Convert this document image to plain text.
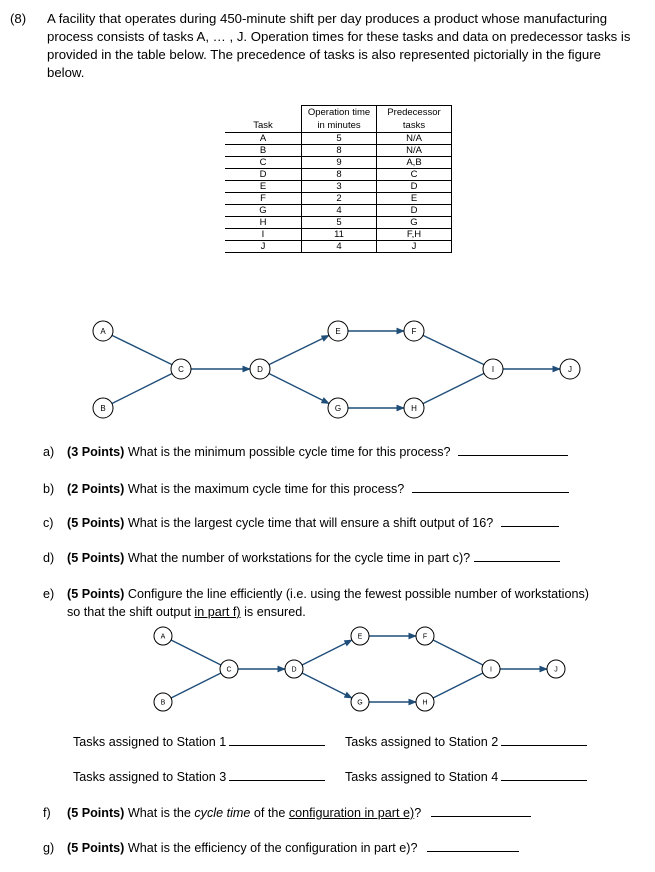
(8) A facility that operates during 450-minute shift per day produces a product whose manufacturing
process consists of tasks A, … , J. Operation times for these tasks and data on predecessor tasks is
provided in the table below. The precedence of tasks is also represented pictorially in the figure
below.
	Operation time	Predecessor
Task	in minutes	tasks
A	5	N/A
B	8	N/A
C	9	A,B
D	8	C
E	3	D
F	2	E
G	4	D
H	5	G
I	11	F,H
J	4	J
A
B
C	D
E	F
G	H
I	J
a) (3 Points) What is the minimum possible cycle time for this process?
b) (2 Points) What is the maximum cycle time for this process?
c) (5 Points) What is the largest cycle time that will ensure a shift output of 16?
d) (5 Points) What the number of workstations for the cycle time in part c)?
e) (5 Points) Configure the line efficiently (i.e. using the fewest possible number of workstations)
so that the shift output in part f) is ensured.
A
B
C	D
E	F
G	H
I	J
Tasks assigned to Station 1	Tasks assigned to Station 2
Tasks assigned to Station 3	Tasks assigned to Station 4
f) (5 Points) What is the cycle time of the configuration in part e)?
g) (5 Points) What is the efficiency of the configuration in part e)?
